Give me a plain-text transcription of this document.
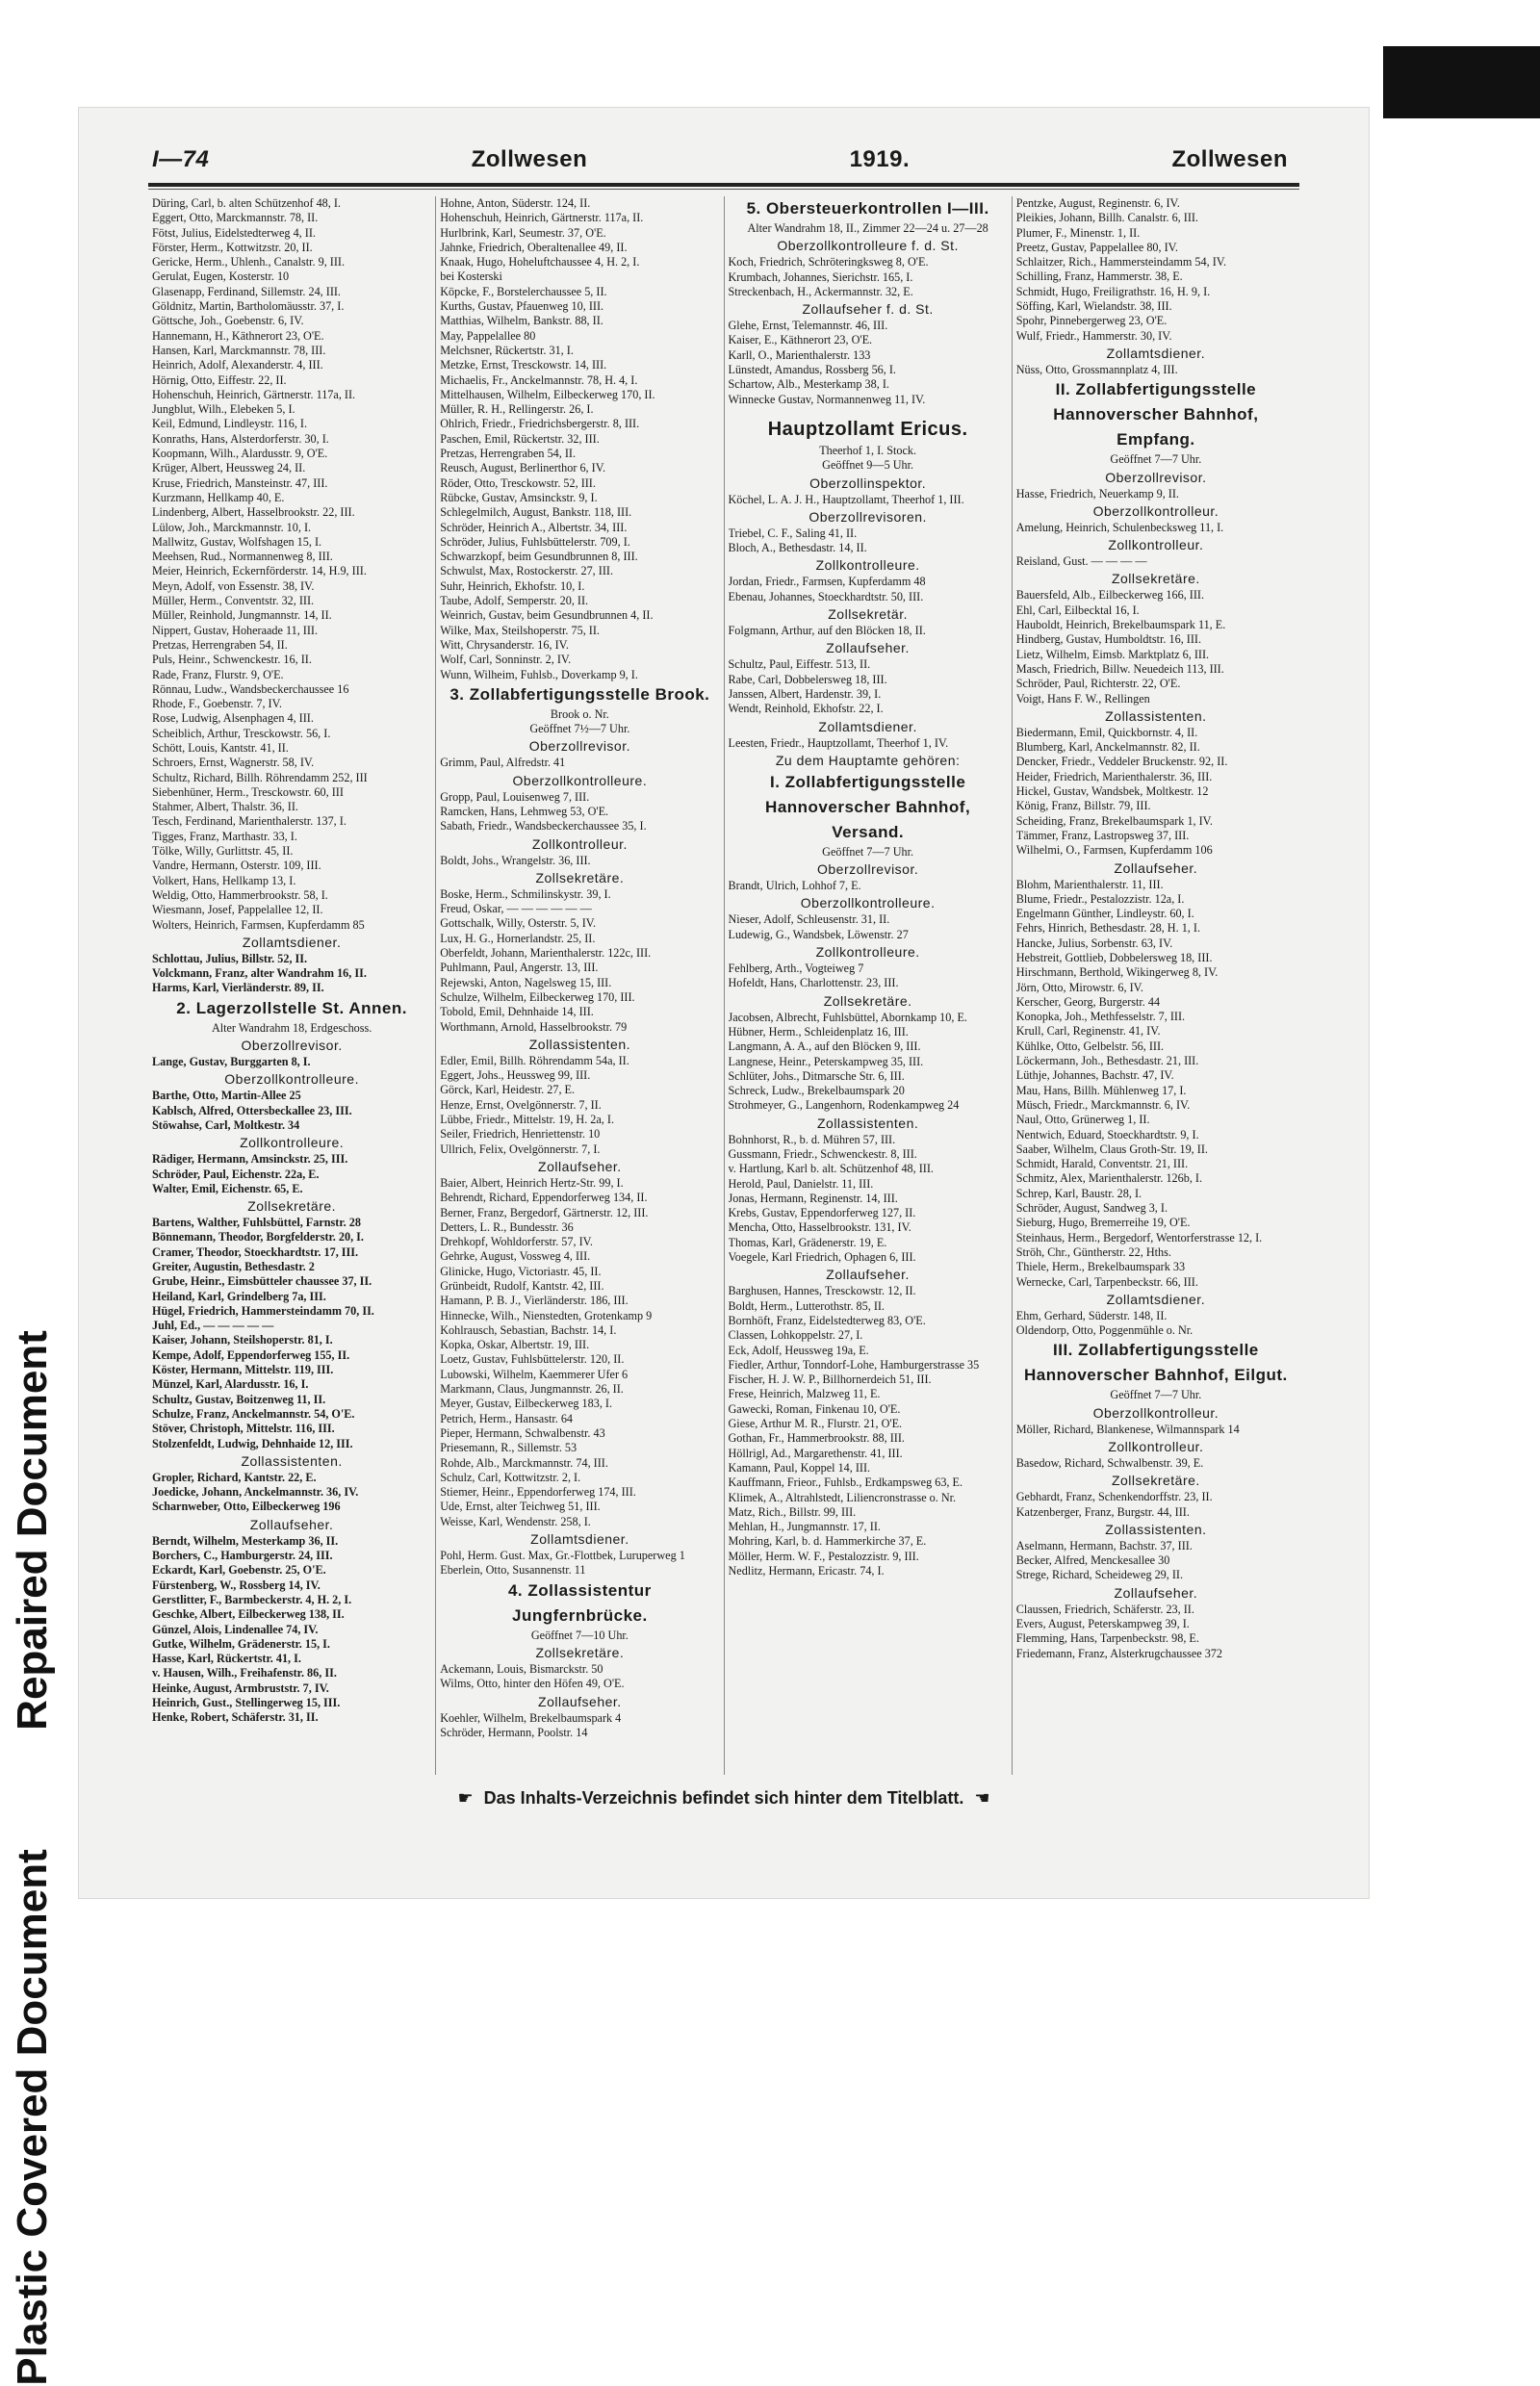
Repaired Document
Plastic Covered Document
I—74	Zollwesen	1919.	Zollwesen
Düring, Carl, b. alten Schützenhof 48, I.
Eggert, Otto, Marckmannstr. 78, II.
Fötst, Julius, Eidelstedterweg 4, II.
Förster, Herm., Kottwitzstr. 20, II.
Gericke, Herm., Uhlenh., Canalstr. 9, III.
Gerulat, Eugen, Kosterstr. 10
Glasenapp, Ferdinand, Sillemstr. 24, III.
Göldnitz, Martin, Bartholomäusstr. 37, I.
Göttsche, Joh., Goebenstr. 6, IV.
Hannemann, H., Käthnerort 23, O'E.
Hansen, Karl, Marckmannstr. 78, III.
Heinrich, Adolf, Alexanderstr. 4, III.
Hörnig, Otto, Eiffestr. 22, II.
Hohenschuh, Heinrich, Gärtnerstr. 117a, II.
Jungblut, Wilh., Elebeken 5, I.
Keil, Edmund, Lindleystr. 116, I.
Konraths, Hans, Alsterdorferstr. 30, I.
Koopmann, Wilh., Alardusstr. 9, O'E.
Krüger, Albert, Heussweg 24, II.
Kruse, Friedrich, Mansteinstr. 47, III.
Kurzmann, Hellkamp 40, E.
Lindenberg, Albert, Hasselbrookstr. 22, III.
Lülow, Joh., Marckmannstr. 10, I.
Mallwitz, Gustav, Wolfshagen 15, I.
Meehsen, Rud., Normannenweg 8, III.
Meier, Heinrich, Eckernförderstr. 14, H.9, III.
Meyn, Adolf, von Essenstr. 38, IV.
Müller, Herm., Conventstr. 32, III.
Müller, Reinhold, Jungmannstr. 14, II.
Nippert, Gustav, Hoheraade 11, III.
Pretzas, Herrengraben 54, II.
Puls, Heinr., Schwenckestr. 16, II.
Rade, Franz, Flurstr. 9, O'E.
Rönnau, Ludw., Wandsbeckerchaussee 16
Rhode, F., Goebenstr. 7, IV.
Rose, Ludwig, Alsenphagen 4, III.
Scheiblich, Arthur, Tresckowstr. 56, I.
Schött, Louis, Kantstr. 41, II.
Schroers, Ernst, Wagnerstr. 58, IV.
Schultz, Richard, Billh. Röhrendamm 252, III
Siebenhüner, Herm., Tresckowstr. 60, III
Stahmer, Albert, Thalstr. 36, II.
Tesch, Ferdinand, Marienthalerstr. 137, I.
Tigges, Franz, Marthastr. 33, I.
Tölke, Willy, Gurlittstr. 45, II.
Vandre, Hermann, Osterstr. 109, III.
Volkert, Hans, Hellkamp 13, I.
Weldig, Otto, Hammerbrookstr. 58, I.
Wiesmann, Josef, Pappelallee 12, II.
Wolters, Heinrich, Farmsen, Kupferdamm 85
Zollamtsdiener.
Schlottau, Julius, Billstr. 52, II.
Volckmann, Franz, alter Wandrahm 16, II.
Harms, Karl, Vierländerstr. 89, II.
2. Lagerzollstelle St. Annen.
Alter Wandrahm 18, Erdgeschoss.
Oberzollrevisor.
Lange, Gustav, Burggarten 8, I.
Oberzollkontrolleure.
Barthe, Otto, Martin-Allee 25
Kablsch, Alfred, Ottersbeckallee 23, III.
Stöwahse, Carl, Moltkestr. 34
Zollkontrolleure.
Rädiger, Hermann, Amsinckstr. 25, III.
Schröder, Paul, Eichenstr. 22a, E.
Walter, Emil, Eichenstr. 65, E.
Zollsekretäre.
Bartens, Walther, Fuhlsbüttel, Farnstr. 28
Bönnemann, Theodor, Borgfelderstr. 20, I.
Cramer, Theodor, Stoeckhardtstr. 17, III.
Greiter, Augustin, Bethesdastr. 2
Grube, Heinr., Eimsbütteler chaussee 37, II.
Heiland, Karl, Grindelberg 7a, III.
Hügel, Friedrich, Hammersteindamm 70, II.
Juhl, Ed., — — — — —
Kaiser, Johann, Steilshoperstr. 81, I.
Kempe, Adolf, Eppendorferweg 155, II.
Köster, Hermann, Mittelstr. 119, III.
Münzel, Karl, Alardusstr. 16, I.
Schultz, Gustav, Boitzenweg 11, II.
Schulze, Franz, Anckelmannstr. 54, O'E.
Stöver, Christoph, Mittelstr. 116, III.
Stolzenfeldt, Ludwig, Dehnhaide 12, III.
Zollassistenten.
Gropler, Richard, Kantstr. 22, E.
Joedicke, Johann, Anckelmannstr. 36, IV.
Scharnweber, Otto, Eilbeckerweg 196
Zollaufseher.
Berndt, Wilhelm, Mesterkamp 36, II.
Borchers, C., Hamburgerstr. 24, III.
Eckardt, Karl, Goebenstr. 25, O'E.
Fürstenberg, W., Rossberg 14, IV.
Gerstlitter, F., Barmbeckerstr. 4, H. 2, I.
Geschke, Albert, Eilbeckerweg 138, II.
Günzel, Alois, Lindenallee 74, IV.
Gutke, Wilhelm, Grädenerstr. 15, I.
Hasse, Karl, Rückertstr. 41, I.
v. Hausen, Wilh., Freihafenstr. 86, II.
Heinke, August, Armbruststr. 7, IV.
Heinrich, Gust., Stellingerweg 15, III.
Henke, Robert, Schäferstr. 31, II.
Hohne, Anton, Süderstr. 124, II.
Hohenschuh, Heinrich, Gärtnerstr. 117a, II.
Hurlbrink, Karl, Seumestr. 37, O'E.
Jahnke, Friedrich, Oberaltenallee 49, II.
Knaak, Hugo, Hoheluftchaussee 4, H. 2, I.
bei Kosterski
Köpcke, F., Borstelerchaussee 5, II.
Kurths, Gustav, Pfauenweg 10, III.
Matthias, Wilhelm, Bankstr. 88, II.
May, Pappelallee 80
Melchsner, Rückertstr. 31, I.
Metzke, Ernst, Tresckowstr. 14, III.
Michaelis, Fr., Anckelmannstr. 78, H. 4, I.
Mittelhausen, Wilhelm, Eilbeckerweg 170, II.
Müller, R. H., Rellingerstr. 26, I.
Ohlrich, Friedr., Friedrichsbergerstr. 8, III.
Paschen, Emil, Rückertstr. 32, III.
Pretzas, Herrengraben 54, II.
Reusch, August, Berlinerthor 6, IV.
Röder, Otto, Tresckowstr. 52, III.
Rübcke, Gustav, Amsinckstr. 9, I.
Schlegelmilch, August, Bankstr. 118, III.
Schröder, Heinrich A., Albertstr. 34, III.
Schröder, Julius, Fuhlsbüttelerstr. 709, I.
Schwarzkopf, beim Gesundbrunnen 8, III.
Schwulst, Max, Rostockerstr. 27, III.
Suhr, Heinrich, Ekhofstr. 10, I.
Taube, Adolf, Semperstr. 20, II.
Weinrich, Gustav, beim Gesundbrunnen 4, II.
Wilke, Max, Steilshoperstr. 75, II.
Witt, Chrysanderstr. 16, IV.
Wolf, Carl, Sonninstr. 2, IV.
Wunn, Wilheim, Fuhlsb., Doverkamp 9, I.
3. Zollabfertigungsstelle Brook.
Brook o. Nr.
Geöffnet 7½—7 Uhr.
Oberzollrevisor.
Grimm, Paul, Alfredstr. 41
Oberzollkontrolleure.
Gropp, Paul, Louisenweg 7, III.
Ramcken, Hans, Lehmweg 53, O'E.
Sabath, Friedr., Wandsbeckerchaussee 35, I.
Zollkontrolleur.
Boldt, Johs., Wrangelstr. 36, III.
Zollsekretäre.
Boske, Herm., Schmilinskystr. 39, I.
Freud, Oskar, — — — — — —
Gottschalk, Willy, Osterstr. 5, IV.
Lux, H. G., Hornerlandstr. 25, II.
Oberfeldt, Johann, Marienthalerstr. 122c, III.
Puhlmann, Paul, Angerstr. 13, III.
Rejewski, Anton, Nagelsweg 15, III.
Schulze, Wilhelm, Eilbeckerweg 170, III.
Tobold, Emil, Dehnhaide 14, III.
Worthmann, Arnold, Hasselbrookstr. 79
Zollassistenten.
Edler, Emil, Billh. Röhrendamm 54a, II.
Eggert, Johs., Heussweg 99, III.
Görck, Karl, Heidestr. 27, E.
Henze, Ernst, Ovelgönnerstr. 7, II.
Lübbe, Friedr., Mittelstr. 19, H. 2a, I.
Seiler, Friedrich, Henriettenstr. 10
Ullrich, Felix, Ovelgönnerstr. 7, I.
Zollaufseher.
Baier, Albert, Heinrich Hertz-Str. 99, I.
Behrendt, Richard, Eppendorferweg 134, II.
Berner, Franz, Bergedorf, Gärtnerstr. 12, III.
Detters, L. R., Bundesstr. 36
Drehkopf, Wohldorferstr. 57, IV.
Gehrke, August, Vossweg 4, III.
Glinicke, Hugo, Victoriastr. 45, II.
Grünbeidt, Rudolf, Kantstr. 42, III.
Hamann, P. B. J., Vierländerstr. 186, III.
Hinnecke, Wilh., Nienstedten, Grotenkamp 9
Kohlrausch, Sebastian, Bachstr. 14, I.
Kopka, Oskar, Albertstr. 19, III.
Loetz, Gustav, Fuhlsbüttelerstr. 120, II.
Lubowski, Wilhelm, Kaemmerer Ufer 6
Markmann, Claus, Jungmannstr. 26, II.
Meyer, Gustav, Eilbeckerweg 183, I.
Petrich, Herm., Hansastr. 64
Pieper, Hermann, Schwalbenstr. 43
Priesemann, R., Sillemstr. 53
Rohde, Alb., Marckmannstr. 74, III.
Schulz, Carl, Kottwitzstr. 2, I.
Stiemer, Heinr., Eppendorferweg 174, III.
Ude, Ernst, alter Teichweg 51, III.
Weisse, Karl, Wendenstr. 258, I.
Zollamtsdiener.
Pohl, Herm. Gust. Max, Gr.-Flottbek, Luruperweg 1
Eberlein, Otto, Susannenstr. 11
4. Zollassistentur Jungfernbrücke.
Geöffnet 7—10 Uhr.
Zollsekretäre.
Ackemann, Louis, Bismarckstr. 50
Wilms, Otto, hinter den Höfen 49, O'E.
Zollaufseher.
Koehler, Wilhelm, Brekelbaumspark 4
Schröder, Hermann, Poolstr. 14
5. Obersteuerkontrollen I—III.
Alter Wandrahm 18, II., Zimmer 22—24 u. 27—28
Oberzollkontrolleure f. d. St.
Koch, Friedrich, Schröteringksweg 8, O'E.
Krumbach, Johannes, Sierichstr. 165, I.
Streckenbach, H., Ackermannstr. 32, E.
Zollaufseher f. d. St.
Glehe, Ernst, Telemannstr. 46, III.
Kaiser, E., Käthnerort 23, O'E.
Karll, O., Marienthalerstr. 133
Lünstedt, Amandus, Rossberg 56, I.
Schartow, Alb., Mesterkamp 38, I.
Winnecke Gustav, Normannenweg 11, IV.
Hauptzollamt Ericus.
Theerhof 1, I. Stock.
Geöffnet 9—5 Uhr.
Oberzollinspektor.
Köchel, L. A. J. H., Hauptzollamt, Theerhof 1, III.
Oberzollrevisoren.
Triebel, C. F., Saling 41, II.
Bloch, A., Bethesdastr. 14, II.
Zollkontrolleure.
Jordan, Friedr., Farmsen, Kupferdamm 48
Ebenau, Johannes, Stoeckhardtstr. 50, III.
Zollsekretär.
Folgmann, Arthur, auf den Blöcken 18, II.
Zollaufseher.
Schultz, Paul, Eiffestr. 513, II.
Rabe, Carl, Dobbelersweg 18, III.
Janssen, Albert, Hardenstr. 39, I.
Wendt, Reinhold, Ekhofstr. 22, I.
Zollamtsdiener.
Leesten, Friedr., Hauptzollamt, Theerhof 1, IV.
Zu dem Hauptamte gehören:
I. Zollabfertigungsstelle Hannoverscher Bahnhof, Versand.
Geöffnet 7—7 Uhr.
Oberzollrevisor.
Brandt, Ulrich, Lohhof 7, E.
Oberzollkontrolleure.
Nieser, Adolf, Schleusenstr. 31, II.
Ludewig, G., Wandsbek, Löwenstr. 27
Zollkontrolleure.
Fehlberg, Arth., Vogteiweg 7
Hofeldt, Hans, Charlottenstr. 23, III.
Zollsekretäre.
Jacobsen, Albrecht, Fuhlsbüttel, Abornkamp 10, E.
Hübner, Herm., Schleidenplatz 16, III.
Langmann, A. A., auf den Blöcken 9, III.
Langnese, Heinr., Peterskampweg 35, III.
Schlüter, Johs., Ditmarsche Str. 6, III.
Schreck, Ludw., Brekelbaumspark 20
Strohmeyer, G., Langenhorn, Rodenkampweg 24
Zollassistenten.
Bohnhorst, R., b. d. Mühren 57, III.
Gussmann, Friedr., Schwenckestr. 8, III.
v. Hartlung, Karl b. alt. Schützenhof 48, III.
Herold, Paul, Danielstr. 11, III.
Jonas, Hermann, Reginenstr. 14, III.
Krebs, Gustav, Eppendorferweg 127, II.
Mencha, Otto, Hasselbrookstr. 131, IV.
Thomas, Karl, Grädenerstr. 19, E.
Voegele, Karl Friedrich, Ophagen 6, III.
Zollaufseher.
Barghusen, Hannes, Tresckowstr. 12, II.
Boldt, Herm., Lutterothstr. 85, II.
Bornhöft, Franz, Eidelstedterweg 83, O'E.
Classen, Lohkoppelstr. 27, I.
Eck, Adolf, Heussweg 19a, E.
Fiedler, Arthur, Tonndorf-Lohe, Hamburgerstrasse 35
Fischer, H. J. W. P., Billhornerdeich 51, III.
Frese, Heinrich, Malzweg 11, E.
Gawecki, Roman, Finkenau 10, O'E.
Giese, Arthur M. R., Flurstr. 21, O'E.
Gothan, Fr., Hammerbrookstr. 88, III.
Höllrigl, Ad., Margarethenstr. 41, III.
Kamann, Paul, Koppel 14, III.
Kauffmann, Frieor., Fuhlsb., Erdkampsweg 63, E.
Klimek, A., Altrahlstedt, Liliencronstrasse o. Nr.
Matz, Rich., Billstr. 99, III.
Mehlan, H., Jungmannstr. 17, II.
Mohring, Karl, b. d. Hammerkirche 37, E.
Möller, Herm. W. F., Pestalozzistr. 9, III.
Nedlitz, Hermann, Ericastr. 74, I.
Pentzke, August, Reginenstr. 6, IV.
Pleikies, Johann, Billh. Canalstr. 6, III.
Plumer, F., Minenstr. 1, II.
Preetz, Gustav, Pappelallee 80, IV.
Schlaitzer, Rich., Hammersteindamm 54, IV.
Schilling, Franz, Hammerstr. 38, E.
Schmidt, Hugo, Freiligrathstr. 16, H. 9, I.
Söffing, Karl, Wielandstr. 38, III.
Spohr, Pinnebergerweg 23, O'E.
Wulf, Friedr., Hammerstr. 30, IV.
Zollamtsdiener.
Nüss, Otto, Grossmannplatz 4, III.
II. Zollabfertigungsstelle Hannoverscher Bahnhof, Empfang.
Geöffnet 7—7 Uhr.
Oberzollrevisor.
Hasse, Friedrich, Neuerkamp 9, II.
Oberzollkontrolleur.
Amelung, Heinrich, Schulenbecksweg 11, I.
Zollkontrolleur.
Reisland, Gust. — — — —
Zollsekretäre.
Bauersfeld, Alb., Eilbeckerweg 166, III.
Ehl, Carl, Eilbecktal 16, I.
Hauboldt, Heinrich, Brekelbaumspark 11, E.
Hindberg, Gustav, Humboldtstr. 16, III.
Lietz, Wilhelm, Eimsb. Marktplatz 6, III.
Masch, Friedrich, Billw. Neuedeich 113, III.
Schröder, Paul, Richterstr. 22, O'E.
Voigt, Hans F. W., Rellingen
Zollassistenten.
Biedermann, Emil, Quickbornstr. 4, II.
Blumberg, Karl, Anckelmannstr. 82, II.
Dencker, Friedr., Veddeler Bruckenstr. 92, II.
Heider, Friedrich, Marienthalerstr. 36, III.
Hickel, Gustav, Wandsbek, Moltkestr. 12
König, Franz, Billstr. 79, III.
Scheiding, Franz, Brekelbaumspark 1, IV.
Tämmer, Franz, Lastropsweg 37, III.
Wilhelmi, O., Farmsen, Kupferdamm 106
Zollaufseher.
Blohm, Marienthalerstr. 11, III.
Blume, Friedr., Pestalozzistr. 12a, I.
Engelmann Günther, Lindleystr. 60, I.
Fehrs, Hinrich, Bethesdastr. 28, H. 1, I.
Hancke, Julius, Sorbenstr. 63, IV.
Hebstreit, Gottlieb, Dobbelersweg 18, III.
Hirschmann, Berthold, Wikingerweg 8, IV.
Jörn, Otto, Mirowstr. 6, IV.
Kerscher, Georg, Burgerstr. 44
Konopka, Joh., Methfesselstr. 7, III.
Krull, Carl, Reginenstr. 41, IV.
Kühlke, Otto, Gelbelstr. 56, III.
Löckermann, Joh., Bethesdastr. 21, III.
Lüthje, Johannes, Bachstr. 47, IV.
Mau, Hans, Billh. Mühlenweg 17, I.
Müsch, Friedr., Marckmannstr. 6, IV.
Naul, Otto, Grünerweg 1, II.
Nentwich, Eduard, Stoeckhardtstr. 9, I.
Saaber, Wilhelm, Claus Groth-Str. 19, II.
Schmidt, Harald, Conventstr. 21, III.
Schmitz, Alex, Marienthalerstr. 126b, I.
Schrep, Karl, Baustr. 28, I.
Schröder, August, Sandweg 3, I.
Sieburg, Hugo, Bremerreihe 19, O'E.
Steinhaus, Herm., Bergedorf, Wentorferstrasse 12, I.
Ströh, Chr., Güntherstr. 22, Hths.
Thiele, Herm., Brekelbaumspark 33
Wernecke, Carl, Tarpenbeckstr. 66, III.
Zollamtsdiener.
Ehm, Gerhard, Süderstr. 148, II.
Oldendorp, Otto, Poggenmühle o. Nr.
III. Zollabfertigungsstelle Hannoverscher Bahnhof, Eilgut.
Geöffnet 7—7 Uhr.
Oberzollkontrolleur.
Möller, Richard, Blankenese, Wilmannspark 14
Zollkontrolleur.
Basedow, Richard, Schwalbenstr. 39, E.
Zollsekretäre.
Gebhardt, Franz, Schenkendorffstr. 23, II.
Katzenberger, Franz, Burgstr. 44, III.
Zollassistenten.
Aselmann, Hermann, Bachstr. 37, III.
Becker, Alfred, Menckesallee 30
Strege, Richard, Scheideweg 29, II.
Zollaufseher.
Claussen, Friedrich, Schäferstr. 23, II.
Evers, August, Peterskampweg 39, I.
Flemming, Hans, Tarpenbeckstr. 98, E.
Friedemann, Franz, Alsterkrugchaussee 372
☛ Das Inhalts-Verzeichnis befindet sich hinter dem Titelblatt. ☚
